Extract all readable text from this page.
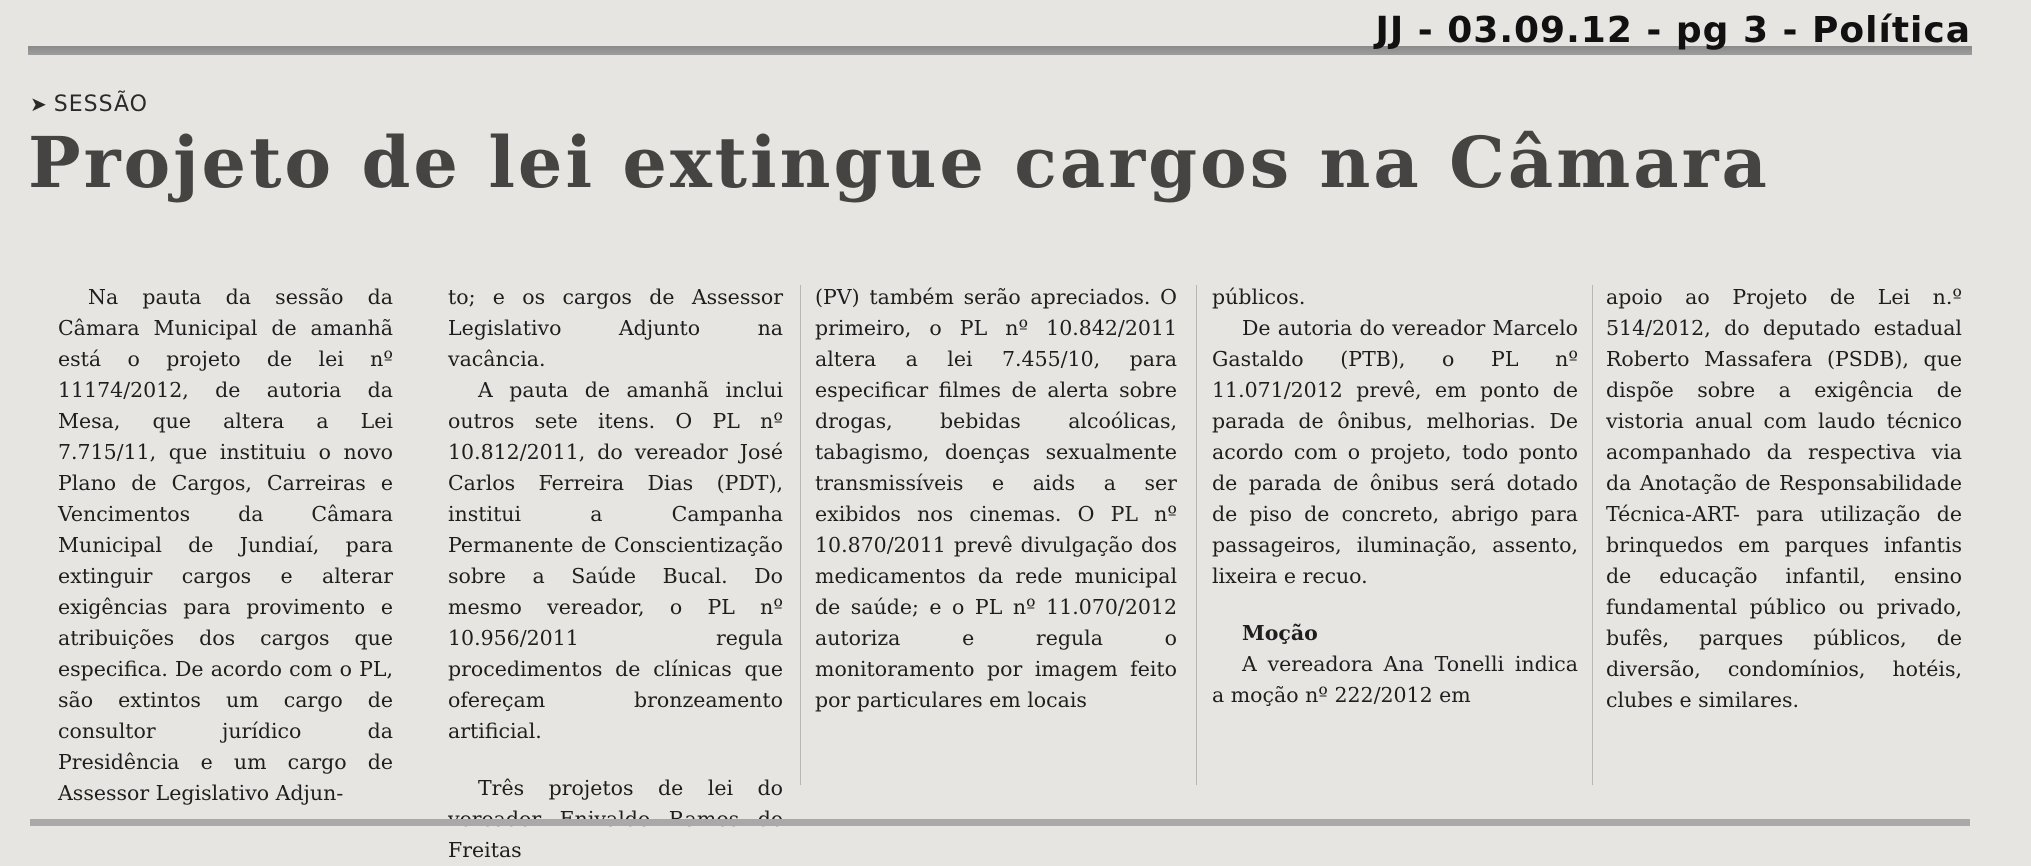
JJ - 03.09.12 - pg 3 - Política
➤ SESSÃO
Projeto de lei extingue cargos na Câmara

Na pauta da sessão da Câmara Municipal de amanhã está o projeto de lei nº 11174/2012, de autoria da Mesa, que altera a Lei 7.715/11, que instituiu o novo Plano de Cargos, Carreiras e Vencimentos da Câmara Municipal de Jundiaí, para extinguir cargos e alterar exigências para provimento e atribuições dos cargos que especifica. De acordo com o PL, são extintos um cargo de consultor jurídico da Presidência e um cargo de Assessor Legislativo Adjun-

to; e os cargos de Assessor Legislativo Adjunto na vacância.

A pauta de amanhã inclui outros sete itens. O PL nº 10.812/2011, do vereador José Carlos Ferreira Dias (PDT), institui a Campanha Permanente de Conscientização sobre a Saúde Bucal. Do mesmo vereador, o PL nº 10.956/2011 regula procedimentos de clínicas que ofereçam bronzeamento artificial.

Três projetos de lei do Freitas

(PV) também serão apreciados. O primeiro, o PL nº 10.842/2011 altera a lei 7.455/10, para especificar filmes de alerta sobre drogas, bebidas alcoólicas, tabagismo, doenças sexualmente transmissíveis e aids a ser exibidos nos cinemas. O PL nº 10.870/2011 prevê divulgação dos medicamentos da rede municipal de saúde; e o PL nº 11.070/2012 autoriza e regula o monitoramento por imagem feito por particulares em locais

públicos.

De autoria do vereador Marcelo Gastaldo (PTB), o PL nº 11.071/2012 prevê, em ponto de parada de ônibus, melhorias. De acordo com o projeto, todo ponto de parada de ônibus será dotado de piso de concreto, abrigo para passageiros, iluminação, assento, lixeira e recuo.

Moção

A vereadora Ana Tonelli indica a moção nº 222/2012 em

apoio ao Projeto de Lei n.º 514/2012, do deputado estadual Roberto Massafera (PSDB), que dispõe sobre a exigência de vistoria anual com laudo técnico acompanhado da respectiva via da Anotação de Responsabilidade Técnica-ART- para utilização de brinquedos em parques infantis de educação infantil, ensino fundamental público ou privado, bufês, parques públicos, de diversão, condomínios, hotéis, clubes e similares.
